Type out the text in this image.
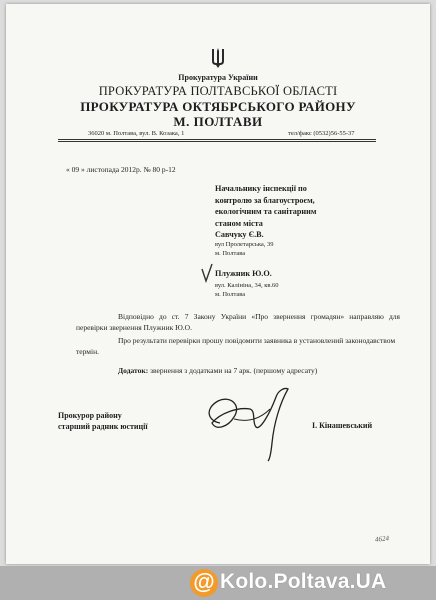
Прокуратура України
ПРОКУРАТУРА ПОЛТАВСЬКОЇ ОБЛАСТІ
ПРОКУРАТУРА ОКТЯБРСЬКОГО РАЙОНУ
М. ПОЛТАВИ
36020 м. Полтава, вул. В. Козака, 1	тел/факс (0532)56-55-37
« 09 » листопада 2012р. № 80 р-12
Начальнику інспекції по
контролю за благоустроєм,
екологічним та санітарним
станом міста
Савчуку Є.В.
вул Пролетарська, 39
м. Полтава
Плужник Ю.О.
вул. Калініна, 34, кв.60
м. Полтава
Відповідно до ст. 7 Закону України «Про звернення громадян» направляю для перевірки звернення Плужник Ю.О.
Про результати перевірки прошу повідомити заявника в установлений законодавством термін.
Додаток: звернення з додатками на 7 арк. (першому адресату)
Прокурор району
старший радник юстиції	І. Кінашевський
4624
@ Kolo.Poltava.UA
